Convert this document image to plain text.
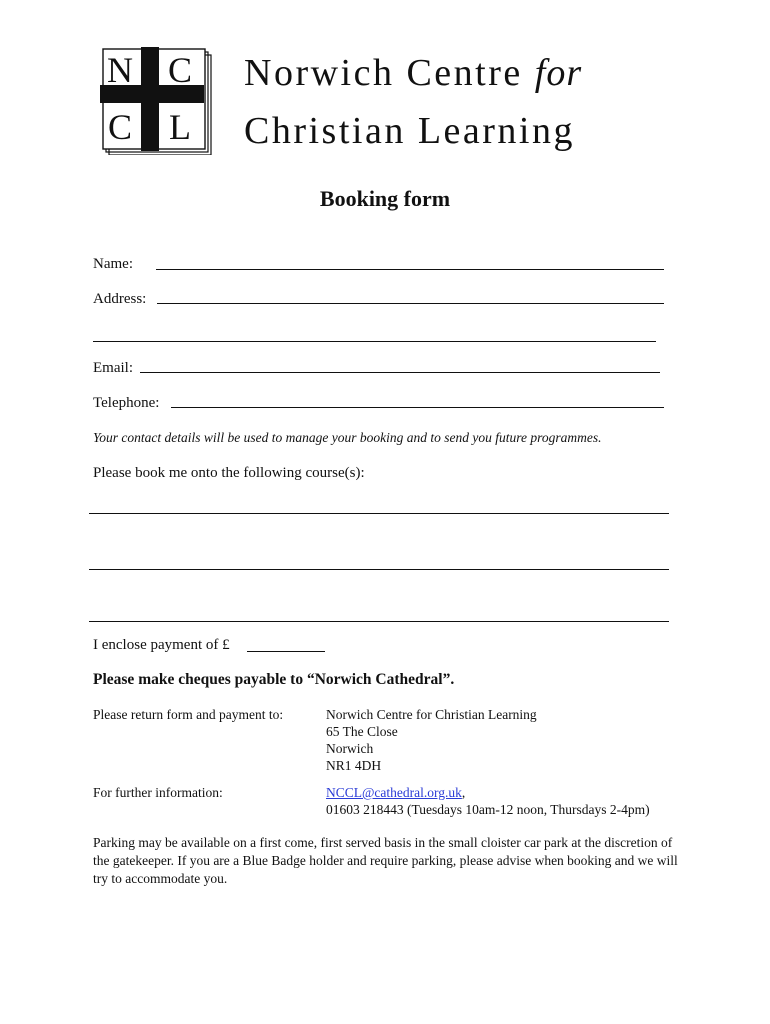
N C
C L
Norwich Centre for
Christian Learning
Booking form
Name:
Address:
Email:
Telephone:
Your contact details will be used to manage your booking and to send you future programmes.
Please book me onto the following course(s):
I enclose payment of £
Please make cheques payable to “Norwich Cathedral”.
Please return form and payment to:	Norwich Centre for Christian Learning
65 The Close
Norwich
NR1 4DH
For further information:	NCCL@cathedral.org.uk,
01603 218443 (Tuesdays 10am-12 noon, Thursdays 2-4pm)
Parking may be available on a first come, first served basis in the small cloister car park at the discretion of the gatekeeper. If you are a Blue Badge holder and require parking, please advise when booking and we will try to accommodate you.
